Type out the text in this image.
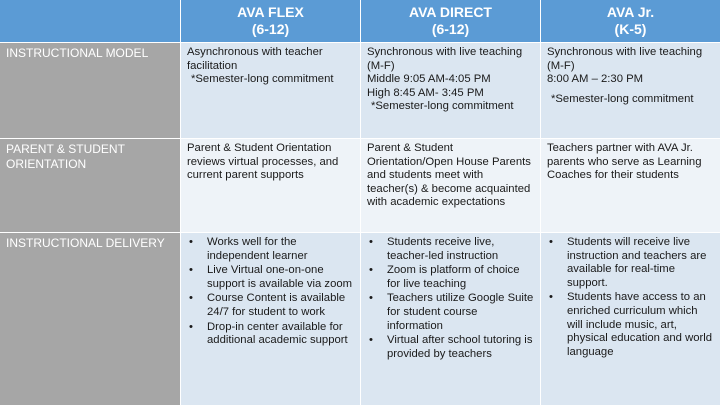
AVA FLEX
(6-12)
AVA DIRECT
(6-12)
AVA Jr.
(K-5)
INSTRUCTIONAL MODEL	Asynchronous with teacher facilitation
*Semester-long commitment
Synchronous with live teaching (M-F)
Middle 9:05 AM-4:05 PM
High 8:45 AM- 3:45 PM
*Semester-long commitment
Synchronous with live teaching (M-F)
8:00 AM – 2:30 PM
*Semester-long commitment
PARENT & STUDENT ORIENTATION
Parent & Student Orientation reviews virtual processes, and current parent supports
Parent & Student Orientation/Open House Parents and students meet with teacher(s) & become acquainted with academic expectations
Teachers partner with AVA Jr. parents who serve as Learning Coaches for their students
INSTRUCTIONAL DELIVERY	• Works well for the independent learner
• Live Virtual one-on-one support is available via zoom
• Course Content is available 24/7 for student to work
• Drop-in center available for additional academic support
• Students receive live, teacher-led instruction
• Zoom is platform of choice for live teaching
• Teachers utilize Google Suite for student course information
• Virtual after school tutoring is provided by teachers
• Students will receive live instruction and teachers are available for real-time support.
• Students have access to an enriched curriculum which will include music, art, physical education and world language
